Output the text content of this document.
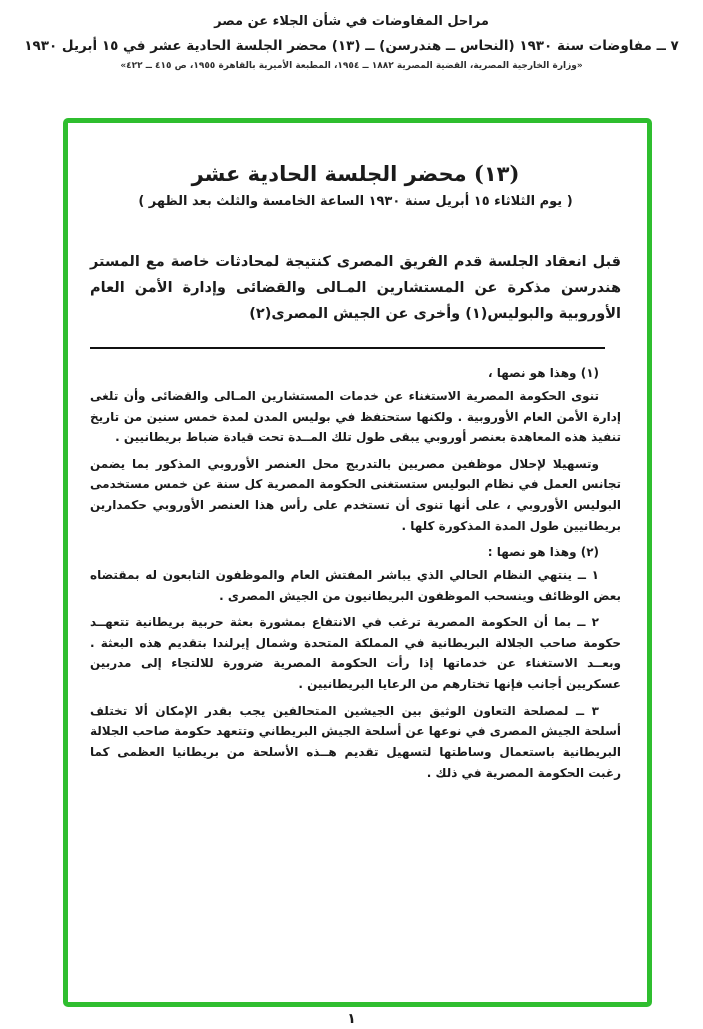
مراحل المفاوضات في شأن الجلاء عن مصر
٧ ــ مفاوضات سنة ١٩٣٠ (النحاس ــ هندرسن) ــ (١٣) محضر الجلسة الحادية عشر في ١٥ أبريل ١٩٣٠
«وزارة الخارجية المصرية، القضية المصرية ١٨٨٢ ــ ١٩٥٤، المطبعة الأميرية بالقاهرة ١٩٥٥، ص ٤١٥ ــ ٤٢٢»
(١٣) محضر الجلسة الحادية عشر
( يوم الثلاثاء ١٥ أبريل سنة ١٩٣٠ الساعة الخامسة والثلث بعد الظهر )
قبل انعقاد الجلسة قدم الفريق المصرى كنتيجة لمحادثات خاصة مع المستر هندرسن مذكرة عن المستشارين المـالى والقضائى وإدارة الأمن العام الأوروبية والبوليس(١) وأخرى عن الجيش المصرى(٢)
(١) وهذا هو نصها ،
تنوى الحكومة المصرية الاستغناء عن خدمات المستشارين المـالى والقضائى وأن تلغى إدارة الأمن العام الأوروبية . ولكنها ستحتفظ في بوليس المدن لمدة خمس سنين من تاريخ تنفيذ هذه المعاهدة بعنصر أوروبي يبقى طول تلك المــدة تحت قيادة ضباط بريطانيين .
وتسهيلا لإحلال موظفين مصريين بالتدريج محل العنصر الأوروبي المذكور بما يضمن تجانس العمل في نظام البوليس ستستغنى الحكومة المصرية كل سنة عن خمس مستخدمى البوليس الأوروبي ، على أنها تنوى أن تستخدم على رأس هذا العنصر الأوروبي حكمدارين بريطانيين طول المدة المذكورة كلها .
(٢) وهذا هو نصها :
١ ــ ينتهي النظام الحالي الذي يباشر المفتش العام والموظفون التابعون له بمقتضاه بعض الوظائف وينسحب الموظفون البريطانيون من الجيش المصرى .
٢ ــ بما أن الحكومة المصرية ترغب في الانتفاع بمشورة بعثة حربية بريطانية تتعهــد حكومة صاحب الجلالة البريطانية في المملكة المتحدة وشمال إيرلندا بتقديم هذه البعثة . وبعــد الاستغناء عن خدماتها إذا رأت الحكومة المصرية ضرورة للالتجاء إلى مدربين عسكريين أجانب فإنها تختارهم من الرعايا البريطانيين .
٣ ــ لمصلحة التعاون الوثيق بين الجيشين المتحالفين يجب بقدر الإمكان ألا تختلف أسلحة الجيش المصرى في نوعها عن أسلحة الجيش البريطاني وتتعهد حكومة صاحب الجلالة البريطانية باستعمال وساطتها لتسهيل تقديم هــذه الأسلحة من بريطانيا العظمى كما رغبت الحكومة المصرية في ذلك .
١
